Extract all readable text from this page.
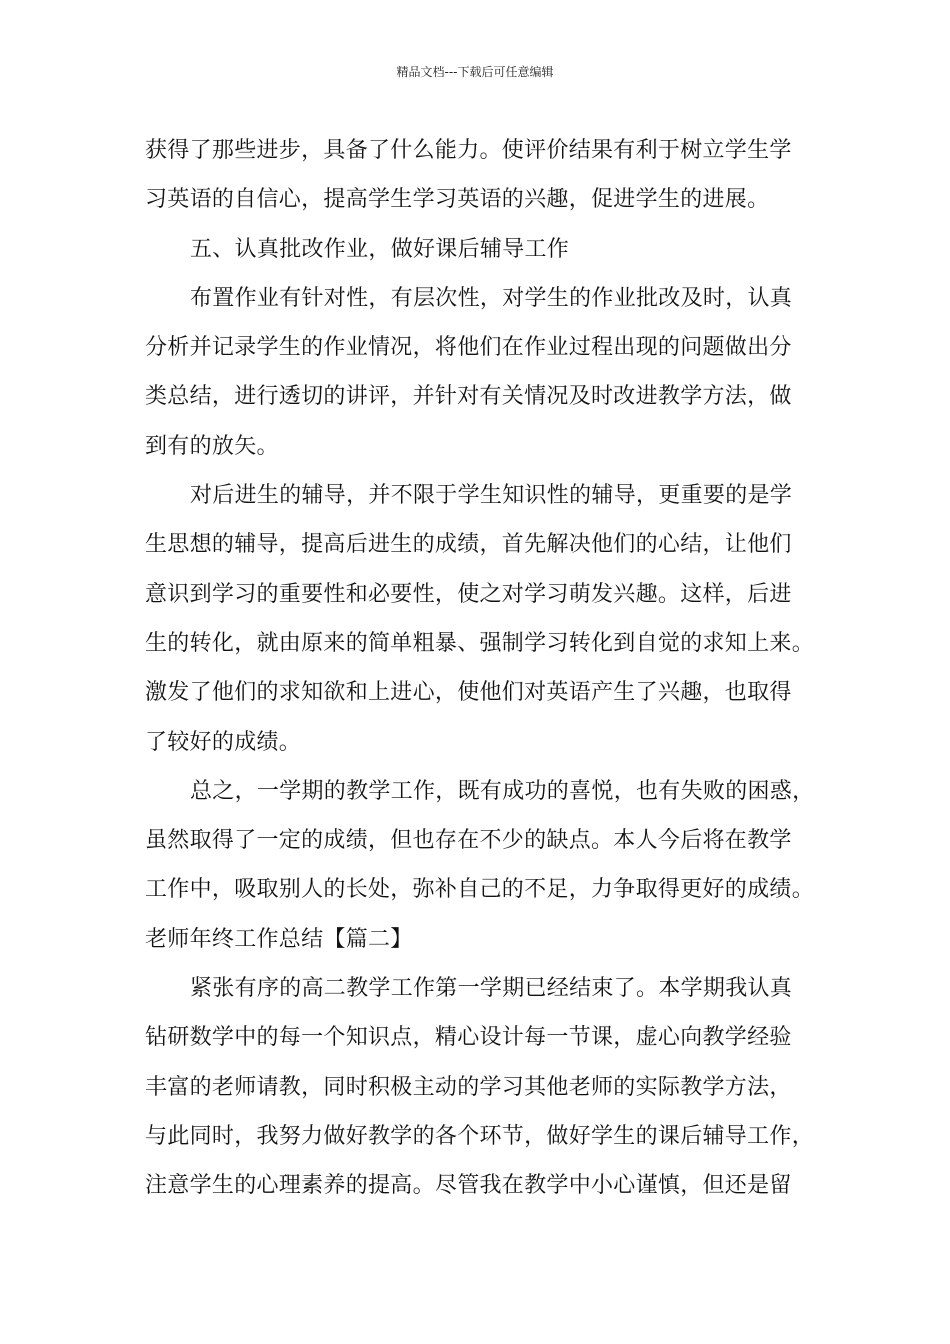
精品文档---下载后可任意编辑
获得了那些进步，具备了什么能力。使评价结果有利于树立学生学
习英语的自信心，提高学生学习英语的兴趣，促进学生的进展。
五、认真批改作业，做好课后辅导工作
布置作业有针对性，有层次性，对学生的作业批改及时，认真
分析并记录学生的作业情况，将他们在作业过程出现的问题做出分
类总结，进行透切的讲评，并针对有关情况及时改进教学方法，做
到有的放矢。
对后进生的辅导，并不限于学生知识性的辅导，更重要的是学
生思想的辅导，提高后进生的成绩，首先解决他们的心结，让他们
意识到学习的重要性和必要性，使之对学习萌发兴趣。这样，后进
生的转化，就由原来的简单粗暴、强制学习转化到自觉的求知上来。
激发了他们的求知欲和上进心，使他们对英语产生了兴趣，也取得
了较好的成绩。
总之，一学期的教学工作，既有成功的喜悦，也有失败的困惑，
虽然取得了一定的成绩，但也存在不少的缺点。本人今后将在教学
工作中，吸取别人的长处，弥补自己的不足，力争取得更好的成绩。
老师年终工作总结【篇二】
紧张有序的高二教学工作第一学期已经结束了。本学期我认真
钻研数学中的每一个知识点，精心设计每一节课，虚心向教学经验
丰富的老师请教，同时积极主动的学习其他老师的实际教学方法，
与此同时，我努力做好教学的各个环节，做好学生的课后辅导工作，
注意学生的心理素养的提高。尽管我在教学中小心谨慎，但还是留
